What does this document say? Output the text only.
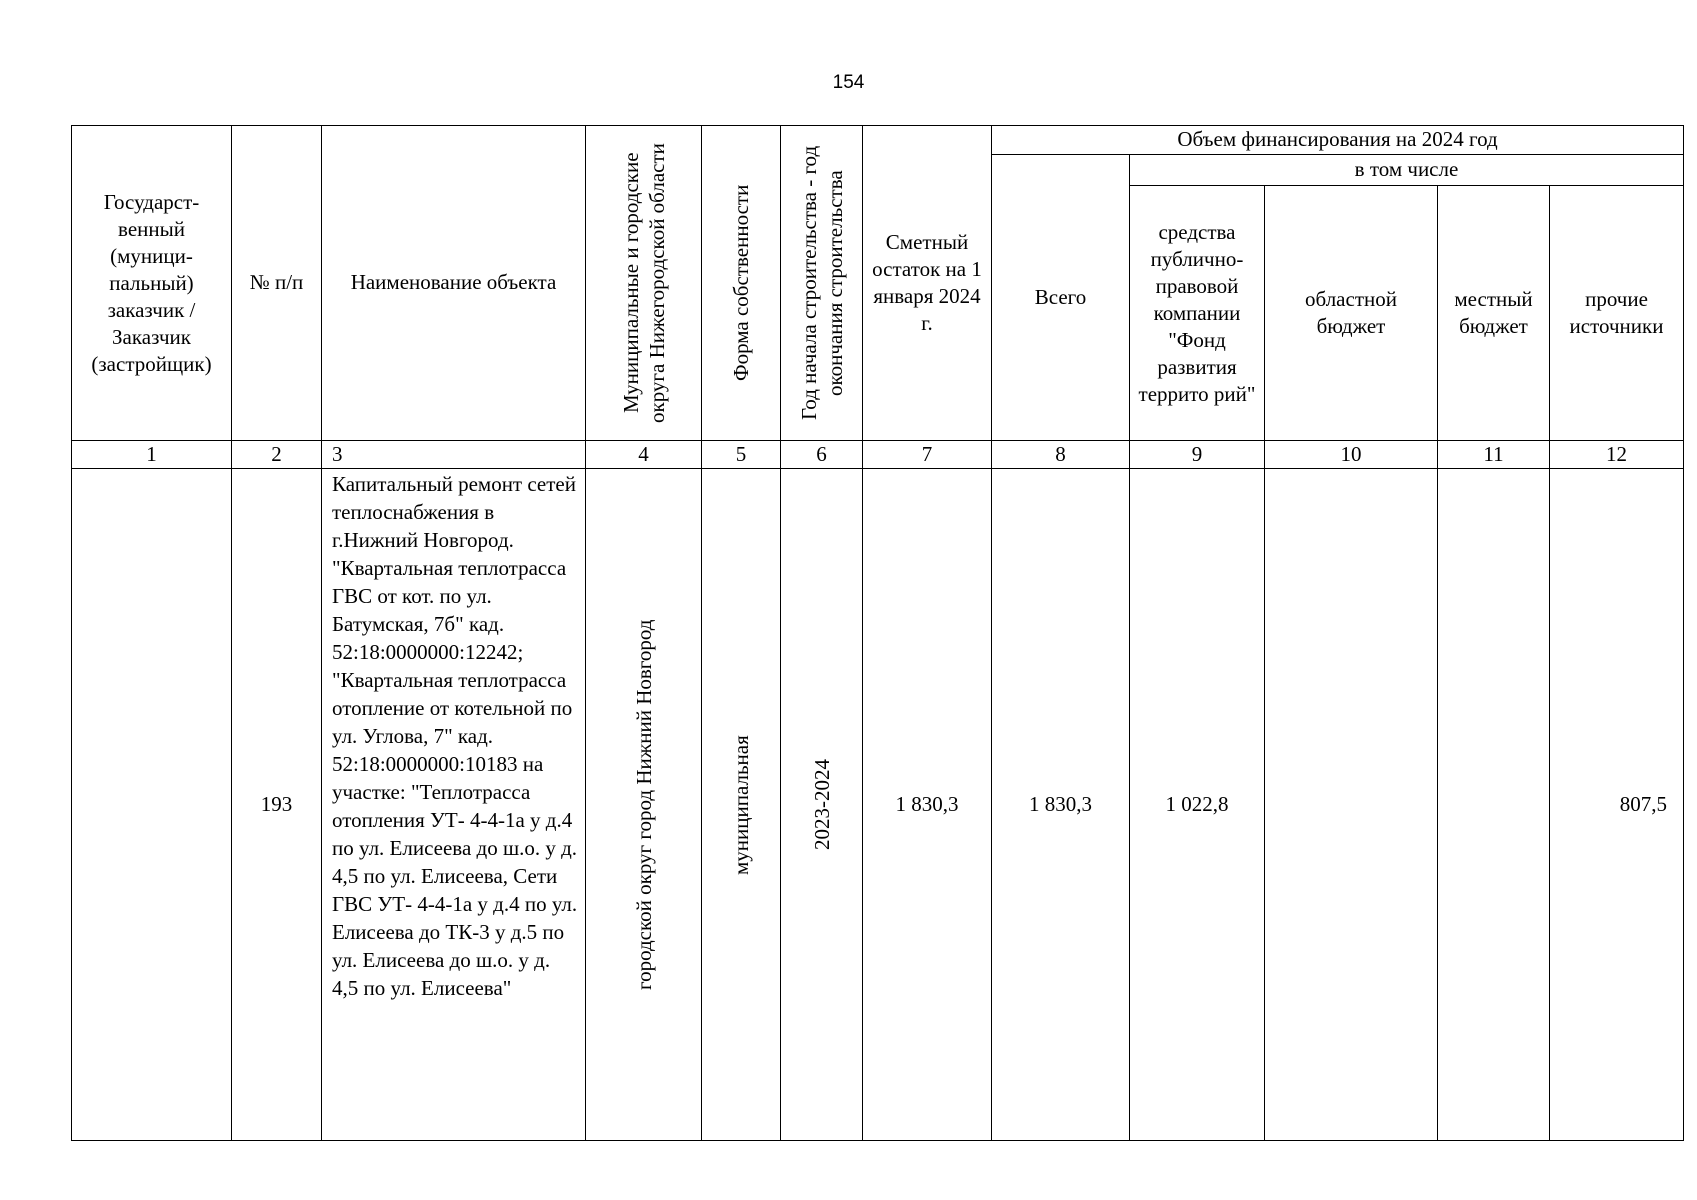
154
Государст-венный (муници-пальный) заказчик / Заказчик (застройщик)	№ п/п	Наименование объекта	Муниципальные и городские округа Нижегородской области	Форма собственности	Год начала строительства - год окончания строительства	Сметный остаток на 1 января 2024 г.	Объем финансирования на 2024 год				
							Всего	в том числе			

								средства публично-правовой компании "Фонд развития террито рий"	областной бюджет	местный бюджет	прочие источники

1	2	3	4	5	6	7	8	9	10	11	12
	193	Капитальный ремонт сетей теплоснабжения в г.Нижний Новгород. "Квартальная теплотрасса ГВС от кот. по ул. Батумская, 7б" кад. 52:18:0000000:12242; "Квартальная теплотрасса отопление от котельной по ул. Углова, 7" кад. 52:18:0000000:10183 на участке: "Теплотрасса отопления УТ- 4-4-1а у д.4 по ул. Елисеева до ш.о. у д. 4,5 по ул. Елисеева, Сети ГВС УТ- 4-4-1а у д.4 по ул. Елисеева до ТК-3 у д.5 по ул. Елисеева до ш.о. у д. 4,5 по ул. Елисеева"	городской округ город Нижний Новгород	муниципальная	2023-2024	1 830,3	1 830,3	1 022,8			807,5
